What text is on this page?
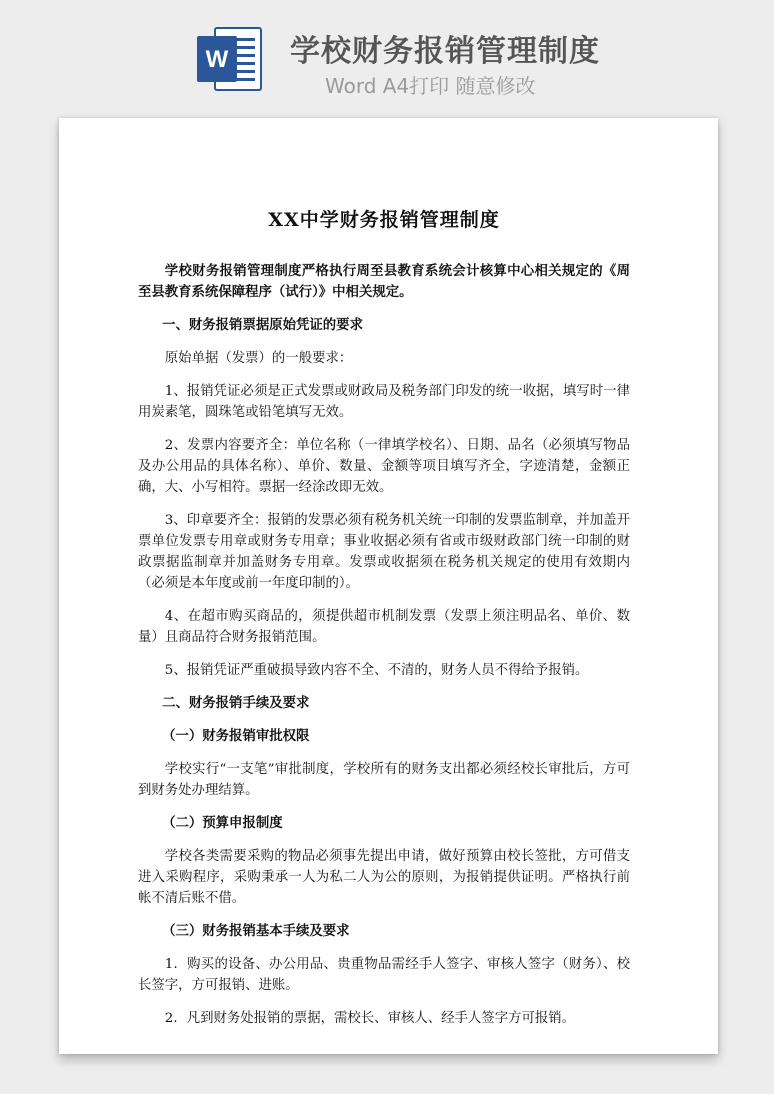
W 学校财务报销管理制度
Word A4打印 随意修改
XX中学财务报销管理制度

学校财务报销管理制度严格执行周至县教育系统会计核算中心相关规定的《周至县教育系统保障程序（试行）》中相关规定。

一、财务报销票据原始凭证的要求

原始单据（发票）的一般要求：

1、报销凭证必须是正式发票或财政局及税务部门印发的统一收据，填写时一律用炭素笔，圆珠笔或铅笔填写无效。

2、发票内容要齐全：单位名称（一律填学校名）、日期、品名（必须填写物品及办公用品的具体名称）、单价、数量、金额等项目填写齐全，字迹清楚，金额正确，大、小写相符。票据一经涂改即无效。

3、印章要齐全：报销的发票必须有税务机关统一印制的发票监制章，并加盖开票单位发票专用章或财务专用章；事业收据必须有省或市级财政部门统一印制的财政票据监制章并加盖财务专用章。发票或收据须在税务机关规定的使用有效期内（必须是本年度或前一年度印制的）。

4、在超市购买商品的，须提供超市机制发票（发票上须注明品名、单价、数量）且商品符合财务报销范围。

5、报销凭证严重破损导致内容不全、不清的，财务人员不得给予报销。

二、财务报销手续及要求
（一）财务报销审批权限

学校实行“一支笔”审批制度，学校所有的财务支出都必须经校长审批后，方可到财务处办理结算。

（二）预算申报制度

学校各类需要采购的物品必须事先提出申请，做好预算由校长签批，方可借支进入采购程序，采购秉承一人为私二人为公的原则，为报销提供证明。严格执行前帐不清后账不借。

（三）财务报销基本手续及要求

1．购买的设备、办公用品、贵重物品需经手人签字、审核人签字（财务）、校长签字，方可报销、进账。

2．凡到财务处报销的票据，需校长、审核人、经手人签字方可报销。
